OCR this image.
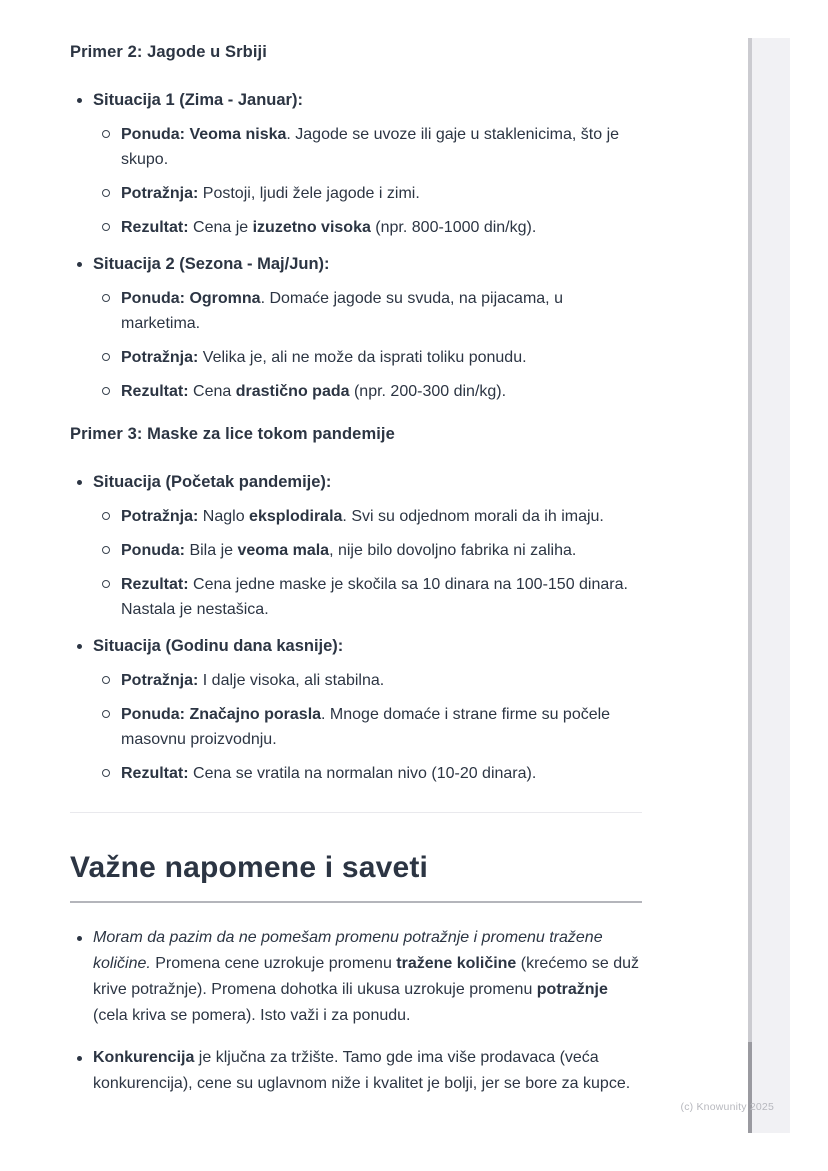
Primer 2: Jagode u Srbiji
Situacija 1 (Zima - Januar):
Ponuda: Veoma niska. Jagode se uvoze ili gaje u staklenicima, što je skupo.
Potražnja: Postoji, ljudi žele jagode i zimi.
Rezultat: Cena je izuzetno visoka (npr. 800-1000 din/kg).
Situacija 2 (Sezona - Maj/Jun):
Ponuda: Ogromna. Domaće jagode su svuda, na pijacama, u marketima.
Potražnja: Velika je, ali ne može da isprati toliku ponudu.
Rezultat: Cena drastično pada (npr. 200-300 din/kg).
Primer 3: Maske za lice tokom pandemije
Situacija (Početak pandemije):
Potražnja: Naglo eksplodirala. Svi su odjednom morali da ih imaju.
Ponuda: Bila je veoma mala, nije bilo dovoljno fabrika ni zaliha.
Rezultat: Cena jedne maske je skočila sa 10 dinara na 100-150 dinara. Nastala je nestašica.
Situacija (Godinu dana kasnije):
Potražnja: I dalje visoka, ali stabilna.
Ponuda: Značajno porasla. Mnoge domaće i strane firme su počele masovnu proizvodnju.
Rezultat: Cena se vratila na normalan nivo (10-20 dinara).
Važne napomene i saveti
Moram da pazim da ne pomešam promenu potražnje i promenu tražene količine. Promena cene uzrokuje promenu tražene količine (krećemo se duž krive potražnje). Promena dohotka ili ukusa uzrokuje promenu potražnje (cela kriva se pomera). Isto važi i za ponudu.
Konkurencija je ključna za tržište. Tamo gde ima više prodavaca (veća konkurencija), cene su uglavnom niže i kvalitet je bolji, jer se bore za kupce.
(c) Knowunity 2025
